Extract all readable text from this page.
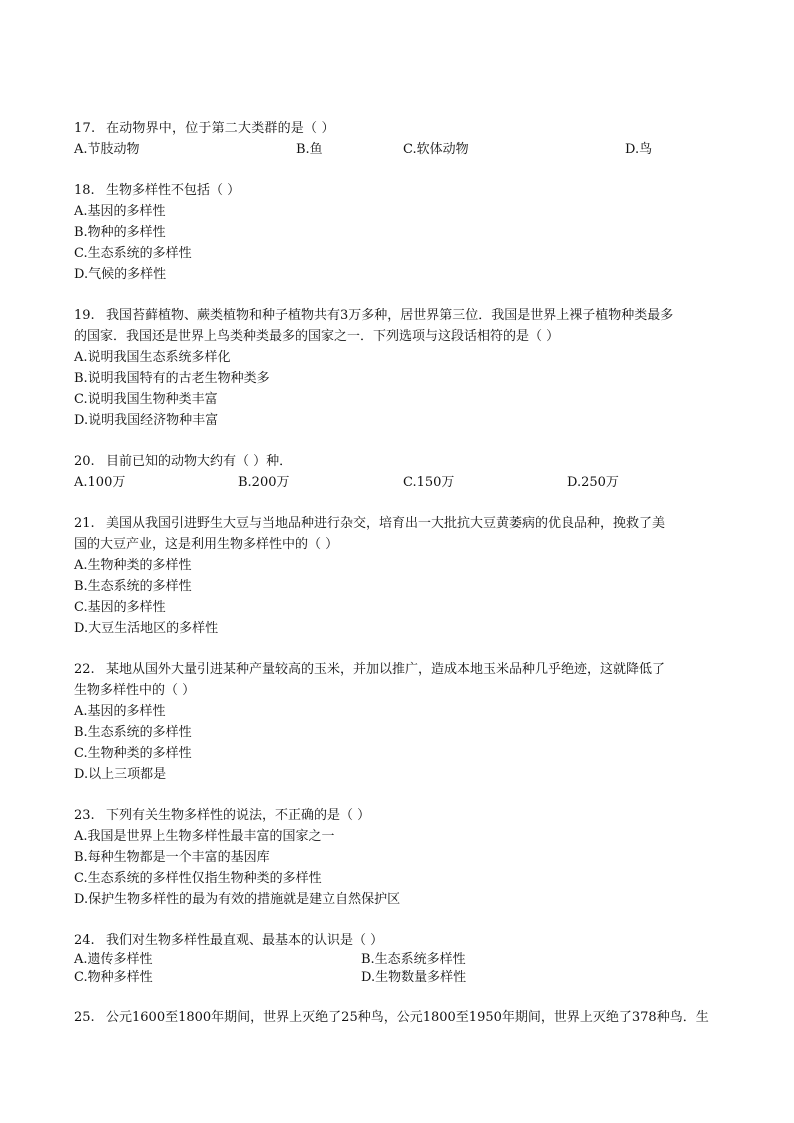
17. 在动物界中，位于第二大类群的是（ ）
A.节肢动物	B.鱼	C.软体动物	D.鸟
18. 生物多样性不包括（ ）
A.基因的多样性
B.物种的多样性
C.生态系统的多样性
D.气候的多样性
19. 我国苔藓植物、蕨类植物和种子植物共有3万多种，居世界第三位．我国是世界上裸子植物种类最多
的国家．我国还是世界上鸟类种类最多的国家之一．下列选项与这段话相符的是（ ）
A.说明我国生态系统多样化
B.说明我国特有的古老生物种类多
C.说明我国生物种类丰富
D.说明我国经济物种丰富
20. 目前已知的动物大约有（ ）种．
A.100万	B.200万	C.150万	D.250万
21. 美国从我国引进野生大豆与当地品种进行杂交，培育出一大批抗大豆黄萎病的优良品种，挽救了美
国的大豆产业，这是利用生物多样性中的（ ）
A.生物种类的多样性
B.生态系统的多样性
C.基因的多样性
D.大豆生活地区的多样性
22. 某地从国外大量引进某种产量较高的玉米，并加以推广，造成本地玉米品种几乎绝迹，这就降低了
生物多样性中的（ ）
A.基因的多样性
B.生态系统的多样性
C.生物种类的多样性
D.以上三项都是
23. 下列有关生物多样性的说法，不正确的是（ ）
A.我国是世界上生物多样性最丰富的国家之一
B.每种生物都是一个丰富的基因库
C.生态系统的多样性仅指生物种类的多样性
D.保护生物多样性的最为有效的措施就是建立自然保护区
24. 我们对生物多样性最直观、最基本的认识是（ ）
A.遗传多样性	B.生态系统多样性
C.物种多样性	D.生物数量多样性
25. 公元1600至1800年期间，世界上灭绝了25种鸟，公元1800至1950年期间，世界上灭绝了378种鸟．生
